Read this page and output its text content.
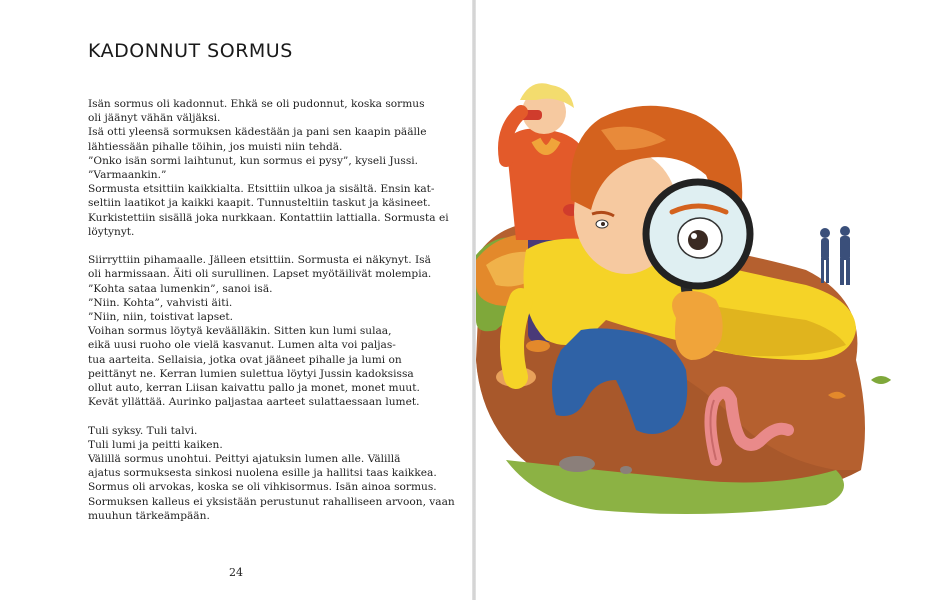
KADONNUT SORMUS
Isän sormus oli kadonnut. Ehkä se oli pudonnut, koska sormus
oli jäänyt vähän väljäksi.
Isä otti yleensä sormuksen kädestään ja pani sen kaapin päälle
lähtiessään pihalle töihin, jos muisti niin tehdä.
”Onko isän sormi laihtunut, kun sormus ei pysy”, kyseli Jussi.
”Varmaankin.”
Sormusta etsittiin kaikkialta. Etsittiin ulkoa ja sisältä. Ensin kat-
seltiin laatikot ja kaikki kaapit. Tunnusteltiin taskut ja käsineet.
Kurkistettiin sisällä joka nurkkaan. Kontattiin lattialla. Sormusta ei
löytynyt.
Siirryttiin pihamaalle. Jälleen etsittiin. Sormusta ei näkynyt. Isä
oli harmissaan. Äiti oli surullinen. Lapset myötäilivät molempia.
”Kohta sataa lumenkin”, sanoi isä.
”Niin. Kohta”, vahvisti äiti.
”Niin, niin, toistivat lapset.
Voihan sormus löytyä keväälläkin. Sitten kun lumi sulaa,
eikä uusi ruoho ole vielä kasvanut. Lumen alta voi paljas-
tua aarteita. Sellaisia, jotka ovat jääneet pihalle ja lumi on
peittänyt ne. Kerran lumien sulettua löytyi Jussin kadoksissa
ollut auto, kerran Liisan kaivattu pallo ja monet, monet muut.
Kevät yllättää. Aurinko paljastaa aarteet sulattaessaan lumet.
Tuli syksy. Tuli talvi.
Tuli lumi ja peitti kaiken.
Välillä sormus unohtui. Peittyi ajatuksin lumen alle. Välillä
ajatus sormuksesta sinkosi nuolena esille ja hallitsi taas kaikkea.
Sormus oli arvokas, koska se oli vihkisormus. Isän ainoa sormus.
Sormuksen kalleus ei yksistään perustunut rahalliseen arvoon, vaan
muuhun tärkeämpään.
24
